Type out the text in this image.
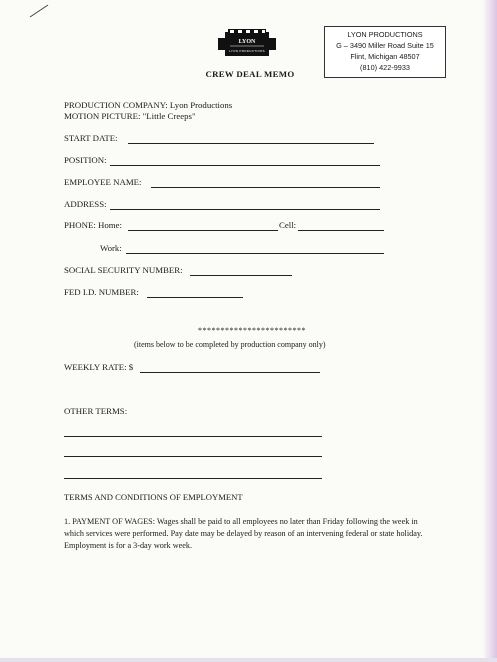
LYON
LYON PRODUCTIONS
LYON PRODUCTIONS
G – 3490 Miller Road Suite 15
Flint, Michigan 48507
(810) 422-9933
CREW DEAL MEMO
PRODUCTION COMPANY: Lyon Productions
MOTION PICTURE: "Little Creeps"
START DATE:
POSITION:
EMPLOYEE NAME:
ADDRESS:
PHONE: Home:	Cell:
Work:
SOCIAL SECURITY NUMBER:
FED I.D. NUMBER:
************************
(items below to be completed by production company only)
WEEKLY RATE: $
OTHER TERMS:
TERMS AND CONDITIONS OF EMPLOYMENT
1. PAYMENT OF WAGES: Wages shall be paid to all employees no later than Friday following the week in which services were performed. Pay date may be delayed by reason of an intervening federal or state holiday. Employment is for a 3-day work week.
